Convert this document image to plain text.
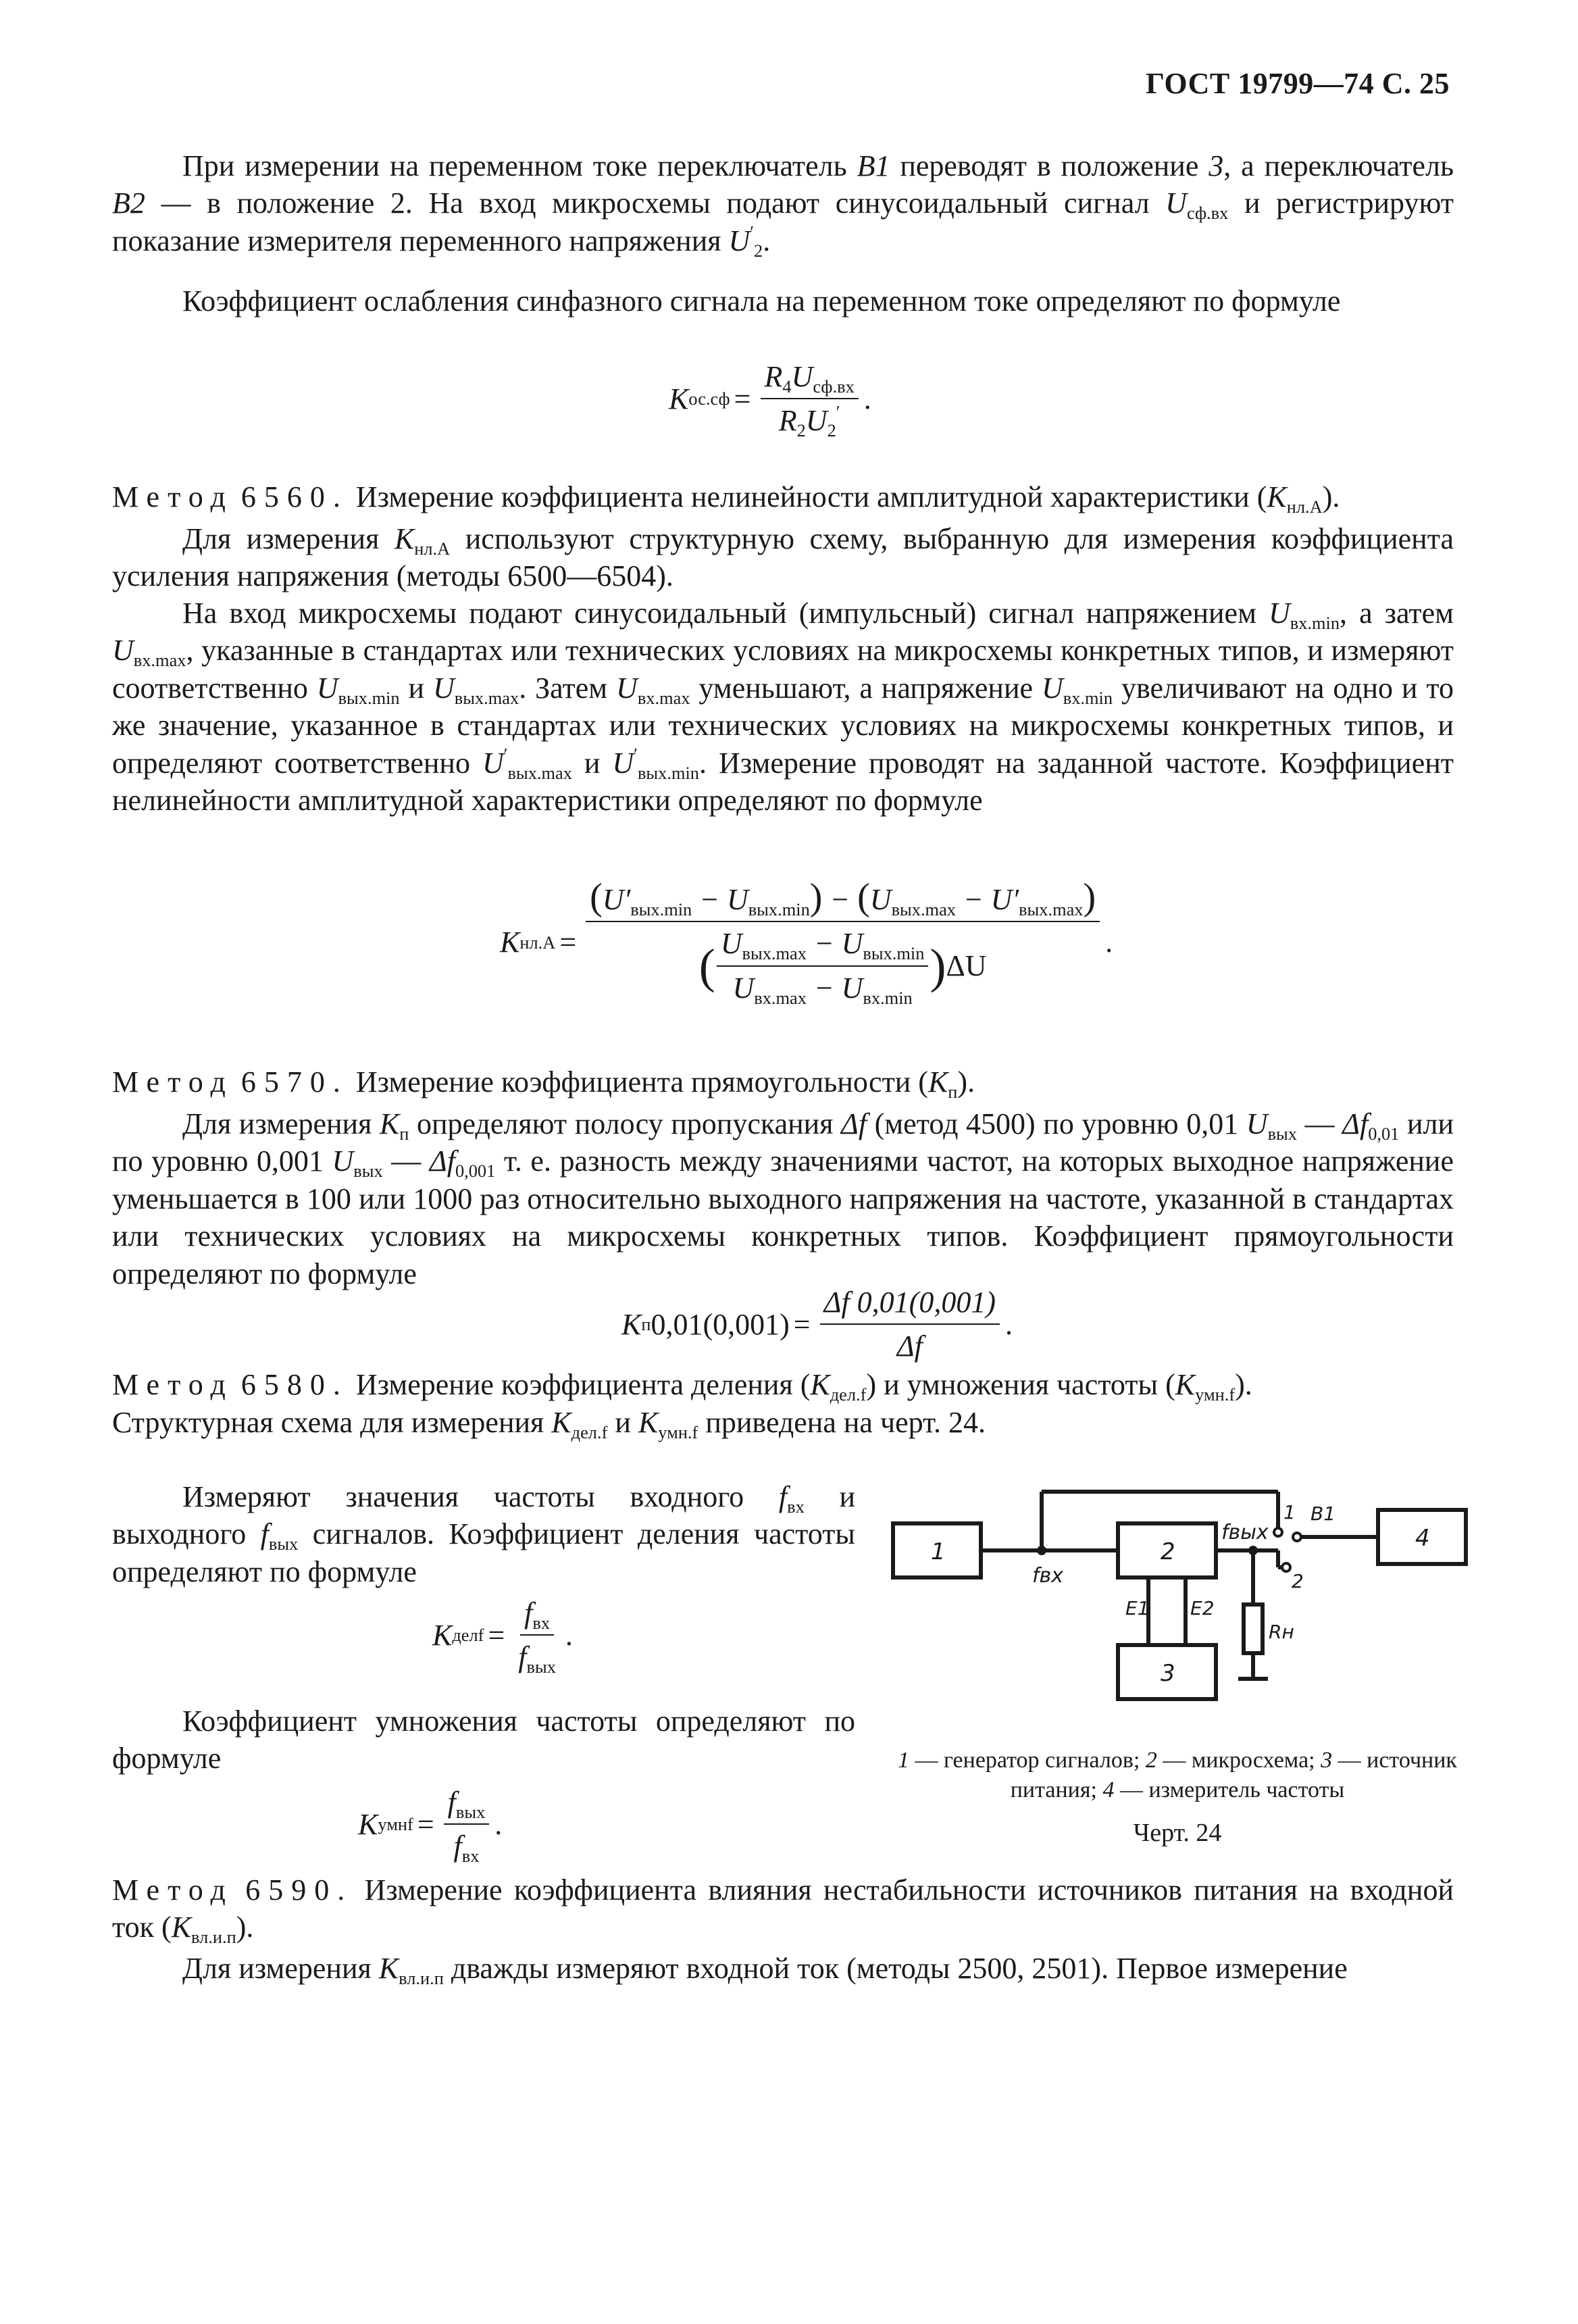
ГОСТ 19799—74 С. 25

При измерении на переменном токе переключатель В1 переводят в положение 3, а переключатель В2 — в положение 2. На вход микросхемы подают синусоидальный сигнал $U_{сф.вх}$ и регистрируют показание измерителя переменного напряжения $U'_2$.

Коэффициент ослабления синфазного сигнала на переменном токе определяют по формуле

K $ос.сф = \frac{R_4U_{сф.вх}}{R_2U_2'}$ .

Метод 6560. Измерение коэффициента нелинейности амплитудной характеристики $(K_{нл.А})$.

Для измерения $K_{нл.А}$ используют структурную схему, выбранную для измерения коэффициента усиления напряжения (методы 6500—6504).

На вход микросхемы подают синусоидальный (импульсный) сигнал напряжением $U_{вх.min}$, а затем $U_{вх.max}$, указанные в стандартах или технических условиях на микросхемы конкретных типов, и измеряют соответственно $U_{вых.min}$ и $U_{вых.max}$. Затем $U_{вх.max}$ уменьшают, а напряжение $U_{вх.min}$ увеличивают на одно и то же значение, указанное в стандартах или технических условиях на микросхемы конкретных типов, и определяют соответственно $U'_{вых.max}$ и $U'_{вых.min}$. Измерение проводят на заданной частоте. Коэффициент нелинейности амплитудной характеристики определяют по формуле

K нл.А =
$(U'_{вых.min} - U_{вых.min}) - (U_{вых.max} - U'_{вых.max})$
( $\frac{U_{вых.max} - U_{вых.min}}{U_{вх.max} - U_{вх.min}}$ ) ΔU
.

Метод 6570. Измерение коэффициента прямоугольности $(K_п)$.

Для измерения $K_п$ определяют полосу пропускания Δf (метод 4500) по уровню 0,01 $U_{вых}$ — $\Delta f_{0,01}$ или по уровню 0,001 $U_{вых}$ — $\Delta f_{0,001}$ т. е. разность между значениями частот, на которых выходное напряжение уменьшается в 100 или 1000 раз относительно выходного напряжения на частоте, указанной в стандартах или технических условиях на микросхемы конкретных типов. Коэффициент прямоугольности определяют по формуле

K п $0,01(0,001) = \frac{\Delta f 0,01(0,001)}{\Delta f}$ .

Метод 6580. Измерение коэффициента деления $(K_{дел.f})$ и умножения частоты $(K_{умн.f})$.

Структурная схема для измерения $K_{дел.f}$ и $K_{умн.f}$ приведена на черт. 24.

Измеряют значения частоты входного $f_{вх}$ и выходного $f_{вых}$ сигналов. Коэффициент деления частоты определяют по формуле

K делf = $\frac{f_{вх}}{f_{вых}}$ .

Коэффициент умножения частоты определяют по формуле

K умнf = $\frac{f_{вых}}{f_{вх}}$ .
1	2
3
4
fвх
fвых
В1
1
2
E1 E2
Rн
1 — генератор сигналов; 2 — микросхема; 3 — источник питания; 4 — измеритель частоты
Черт. 24

Метод 6590. Измерение коэффициента влияния нестабильности источников питания на входной ток $(K_{вл.и.п})$.

Для измерения $K_{вл.и.п}$ дважды измеряют входной ток (методы 2500, 2501). Первое измерение
